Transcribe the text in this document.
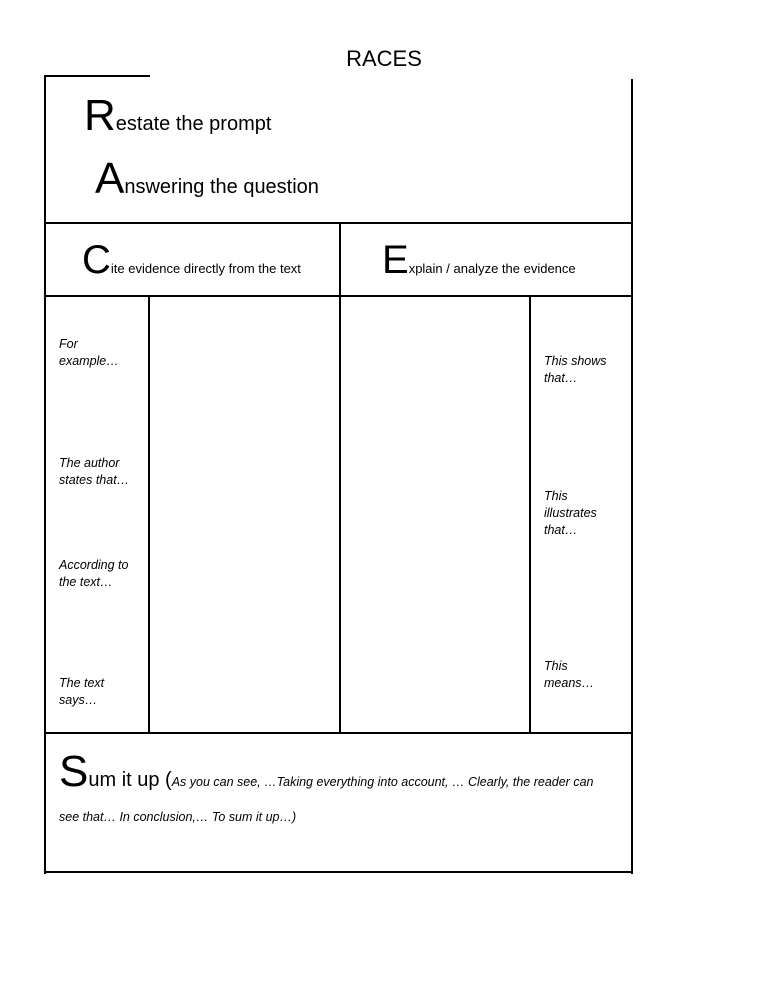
RACES
Restate the prompt
Answering the question
Cite evidence directly from the text Explain / analyze the evidence
For example…
The author states that…
According to the text…
The text says…
This shows that…
This illustrates that…
This means…
Sum it up (As you can see, …Taking everything into account, … Clearly, the reader can
see that… In conclusion,… To sum it up…)
